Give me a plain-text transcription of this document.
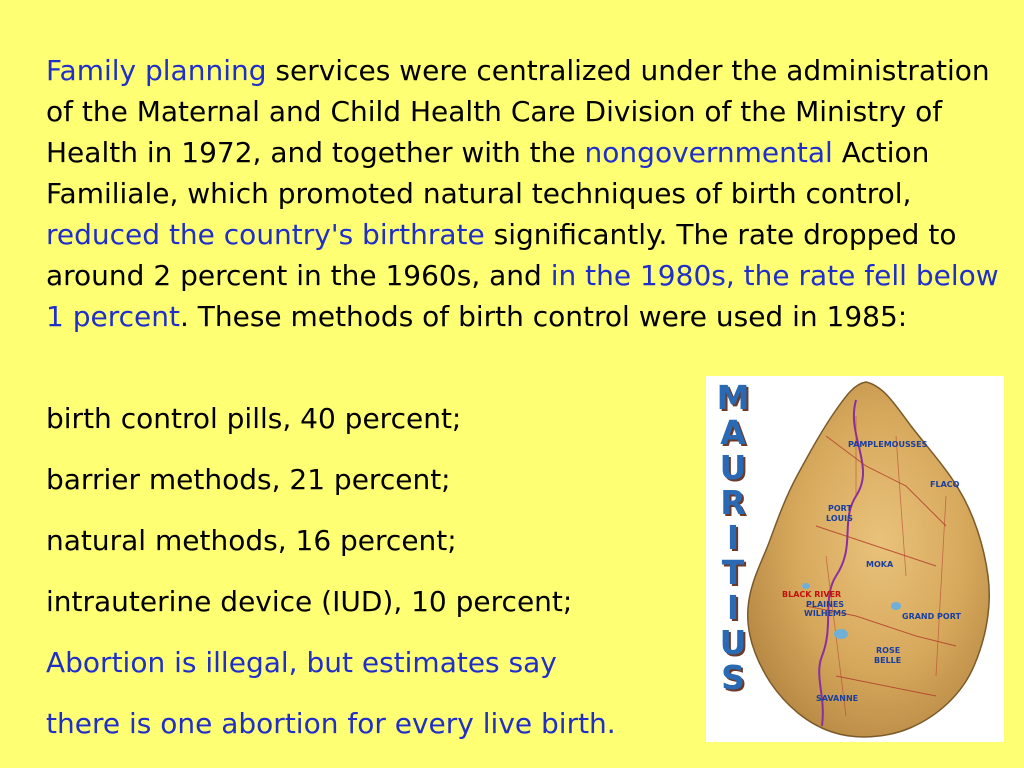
Family planning services were centralized under the administration of the Maternal and Child Health Care Division of the Ministry of Health in 1972, and together with the nongovernmental Action Familiale, which promoted natural techniques of birth control, reduced the country's birthrate significantly. The rate dropped to around 2 percent in the 1960s, and in the 1980s, the rate fell below 1 percent. These methods of birth control were used in 1985:

birth control pills, 40 percent;

barrier methods, 21 percent;

natural methods, 16 percent;

intrauterine device (IUD), 10 percent;

Abortion is illegal, but estimates say

there is one abortion for every live birth.

M
A
U
R
I
T
I
U
S
PAMPLEMOUSSES
FLACQ
PORT
LOUIS
MOKA
PLAINES
WILHEMS	GRAND PORT
ROSE
BELLE
SAVANNE
BLACK RIVER
